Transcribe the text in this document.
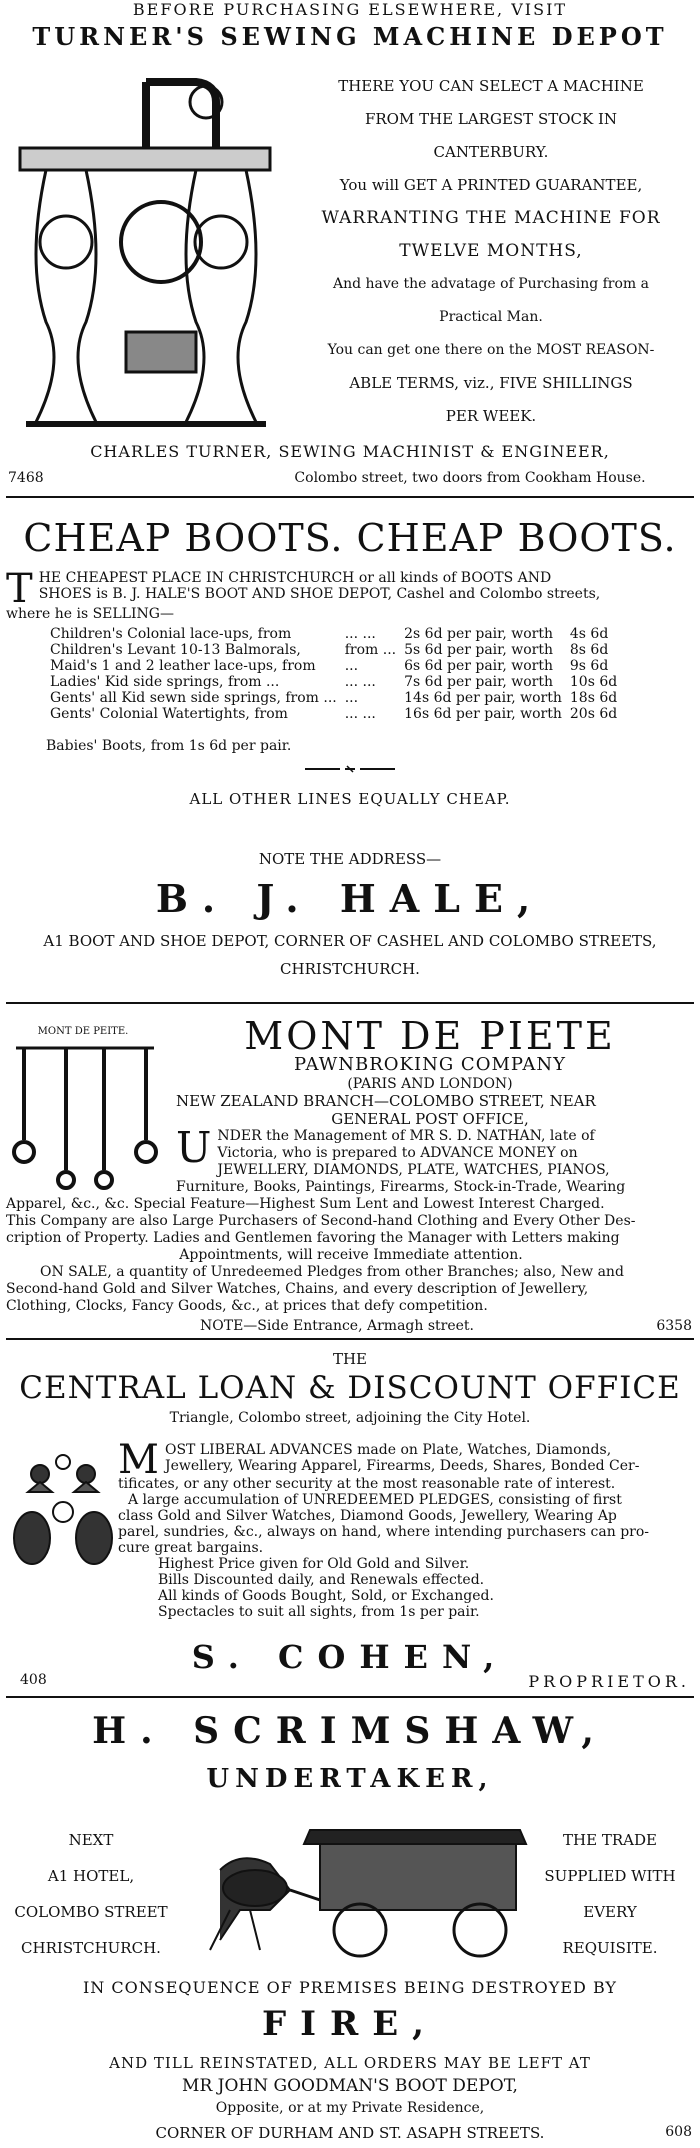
BEFORE PURCHASING ELSEWHERE, VISIT
TURNER'S SEWING MACHINE DEPOT
THERE YOU CAN SELECT A MACHINE
FROM THE LARGEST STOCK IN
CANTERBURY.
You will GET A PRINTED GUARANTEE,
WARRANTING THE MACHINE FOR
TWELVE MONTHS,
And have the advatage of Purchasing from a
Practical Man.
You can get one there on the MOST REASON-
ABLE TERMS, viz., FIVE SHILLINGS
PER WEEK.
CHARLES TURNER, SEWING MACHINIST & ENGINEER,
7468	Colombo street, two doors from Cookham House.
CHEAP BOOTS. CHEAP BOOTS.
T HE CHEAPEST PLACE IN CHRISTCHURCH or all kinds of BOOTS AND
SHOES is B. J. HALE'S BOOT AND SHOE DEPOT, Cashel and Colombo streets,
where he is SELLING—
Children's Colonial lace-ups, from	... ...	2s 6d per pair, worth	4s 6d
Children's Levant 10-13 Balmorals,	from ...	5s 6d per pair, worth	8s 6d
Maid's 1 and 2 leather lace-ups, from	...	6s 6d per pair, worth	9s 6d
Ladies' Kid side springs, from ...	... ...	7s 6d per pair, worth	10s 6d
Gents' all Kid sewn side springs, from ...	...	14s 6d per pair, worth	18s 6d
Gents' Colonial Watertights, from	... ...	16s 6d per pair, worth	20s 6d
Babies' Boots, from 1s 6d per pair.
ALL OTHER LINES EQUALLY CHEAP.
NOTE THE ADDRESS—
B. J. HALE,
A1 BOOT AND SHOE DEPOT, CORNER OF CASHEL AND COLOMBO STREETS,
CHRISTCHURCH.
MONT DE PEITE.	MONT DE PIETE
PAWNBROKING COMPANY
(PARIS AND LONDON)
NEW ZEALAND BRANCH—COLOMBO STREET, NEAR
GENERAL POST OFFICE,
U NDER the Management of MR S. D. NATHAN, late of
Victoria, who is prepared to ADVANCE MONEY on
JEWELLERY, DIAMONDS, PLATE, WATCHES, PIANOS,
Furniture, Books, Paintings, Firearms, Stock-in-Trade, Wearing
Apparel, &c., &c. Special Feature—Highest Sum Lent and Lowest Interest Charged.
This Company are also Large Purchasers of Second-hand Clothing and Every Other Des-
cription of Property. Ladies and Gentlemen favoring the Manager with Letters making
Appointments, will receive Immediate attention.
ON SALE, a quantity of Unredeemed Pledges from other Branches; also, New and
Second-hand Gold and Silver Watches, Chains, and every description of Jewellery,
Clothing, Clocks, Fancy Goods, &c., at prices that defy competition.
NOTE—Side Entrance, Armagh street.	6358
THE
CENTRAL LOAN & DISCOUNT OFFICE
Triangle, Colombo street, adjoining the City Hotel.
M OST LIBERAL ADVANCES made on Plate, Watches, Diamonds,
Jewellery, Wearing Apparel, Firearms, Deeds, Shares, Bonded Cer-
tificates, or any other security at the most reasonable rate of interest.
A large accumulation of UNREDEEMED PLEDGES, consisting of first
class Gold and Silver Watches, Diamond Goods, Jewellery, Wearing Ap
parel, sundries, &c., always on hand, where intending purchasers can pro-
cure great bargains.
Highest Price given for Old Gold and Silver.
Bills Discounted daily, and Renewals effected.
All kinds of Goods Bought, Sold, or Exchanged.
Spectacles to suit all sights, from 1s per pair.
S. COHEN,
408	PROPRIETOR.
H. SCRIMSHAW,
UNDERTAKER,
NEXT
A1 HOTEL,
COLOMBO STREET
CHRISTCHURCH.
THE TRADE
SUPPLIED WITH
EVERY
REQUISITE.
IN CONSEQUENCE OF PREMISES BEING DESTROYED BY
FIRE,
AND TILL REINSTATED, ALL ORDERS MAY BE LEFT AT
MR JOHN GOODMAN'S BOOT DEPOT,
Opposite, or at my Private Residence,
CORNER OF DURHAM AND ST. ASAPH STREETS.	608
